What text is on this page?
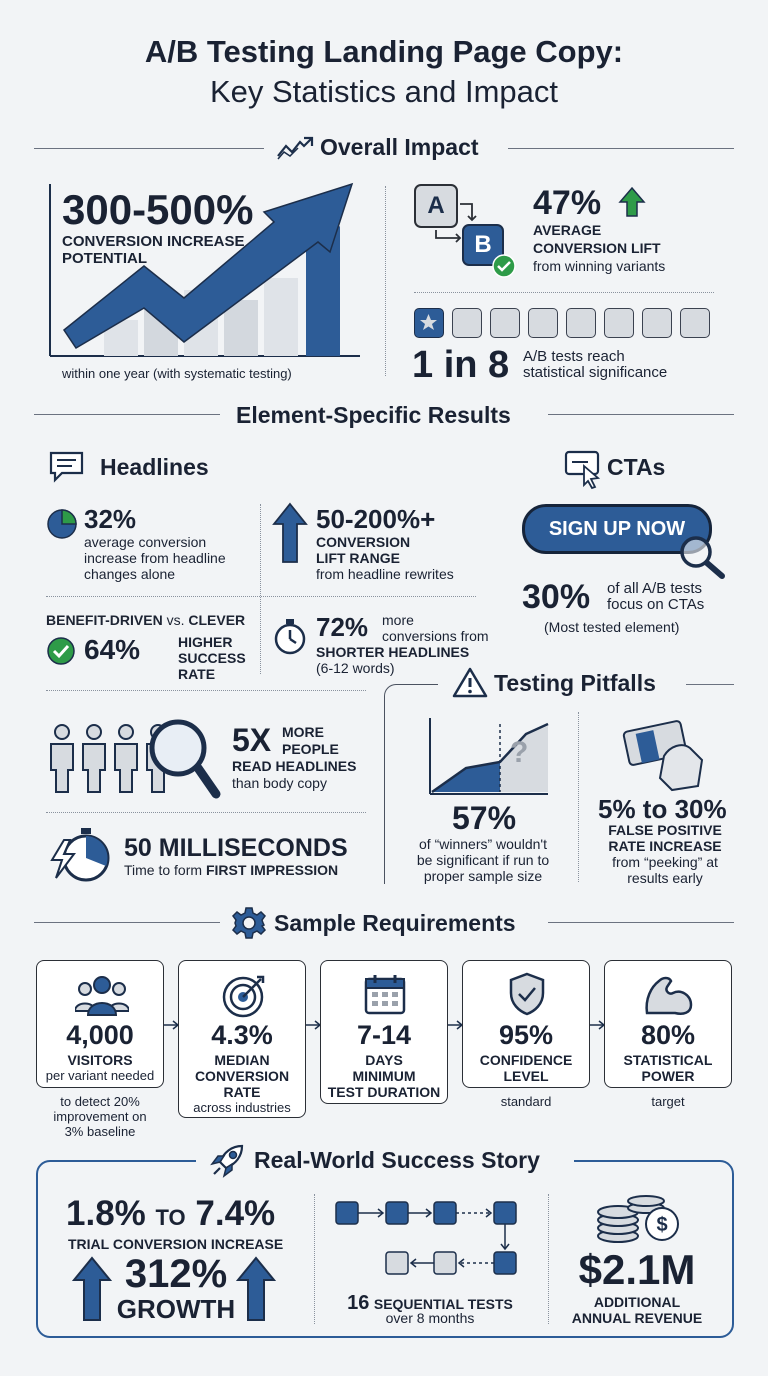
A/B Testing Landing Page Copy:
Key Statistics and Impact
Overall Impact
300-500%
CONVERSION INCREASE
POTENTIAL
within one year (with systematic testing)
A
B
47%
AVERAGE
CONVERSION LIFT
from winning variants
1 in 8 A/B tests reach
statistical significance
Element-Specific Results
Headlines	CTAs
32%
average conversion
increase from headline
changes alone
50-200%+
CONVERSION
LIFT RANGE
from headline rewrites
BENEFIT-DRIVEN vs. CLEVER
64%	HIGHER
SUCCESS
RATE
72% more
conversions from
SHORTER HEADLINES
(6-12 words)
5X MORE
PEOPLE
READ HEADLINES
than body copy
50 MILLISECONDS
Time to form FIRST IMPRESSION
SIGN UP NOW
30% of all A/B tests
focus on CTAs
(Most tested element)
Testing Pitfalls
?
57%
of “winners” wouldn't
be significant if run to
proper sample size
5% to 30%
FALSE POSITIVE
RATE INCREASE
from “peeking” at
results early
Sample Requirements
4,000
VISITORS
per variant needed
to detect 20%
improvement on
3% baseline
4.3%
MEDIAN
CONVERSION
RATE
across industries
7-14
DAYS
MINIMUM
TEST DURATION
95%
CONFIDENCE
LEVEL
standard
80%
STATISTICAL
POWER
target
Real-World Success Story
1.8% TO 7.4%
TRIAL CONVERSION INCREASE
312%
GROWTH	16 SEQUENTIAL TESTS
over 8 months
$
$2.1M
ADDITIONAL
ANNUAL REVENUE
